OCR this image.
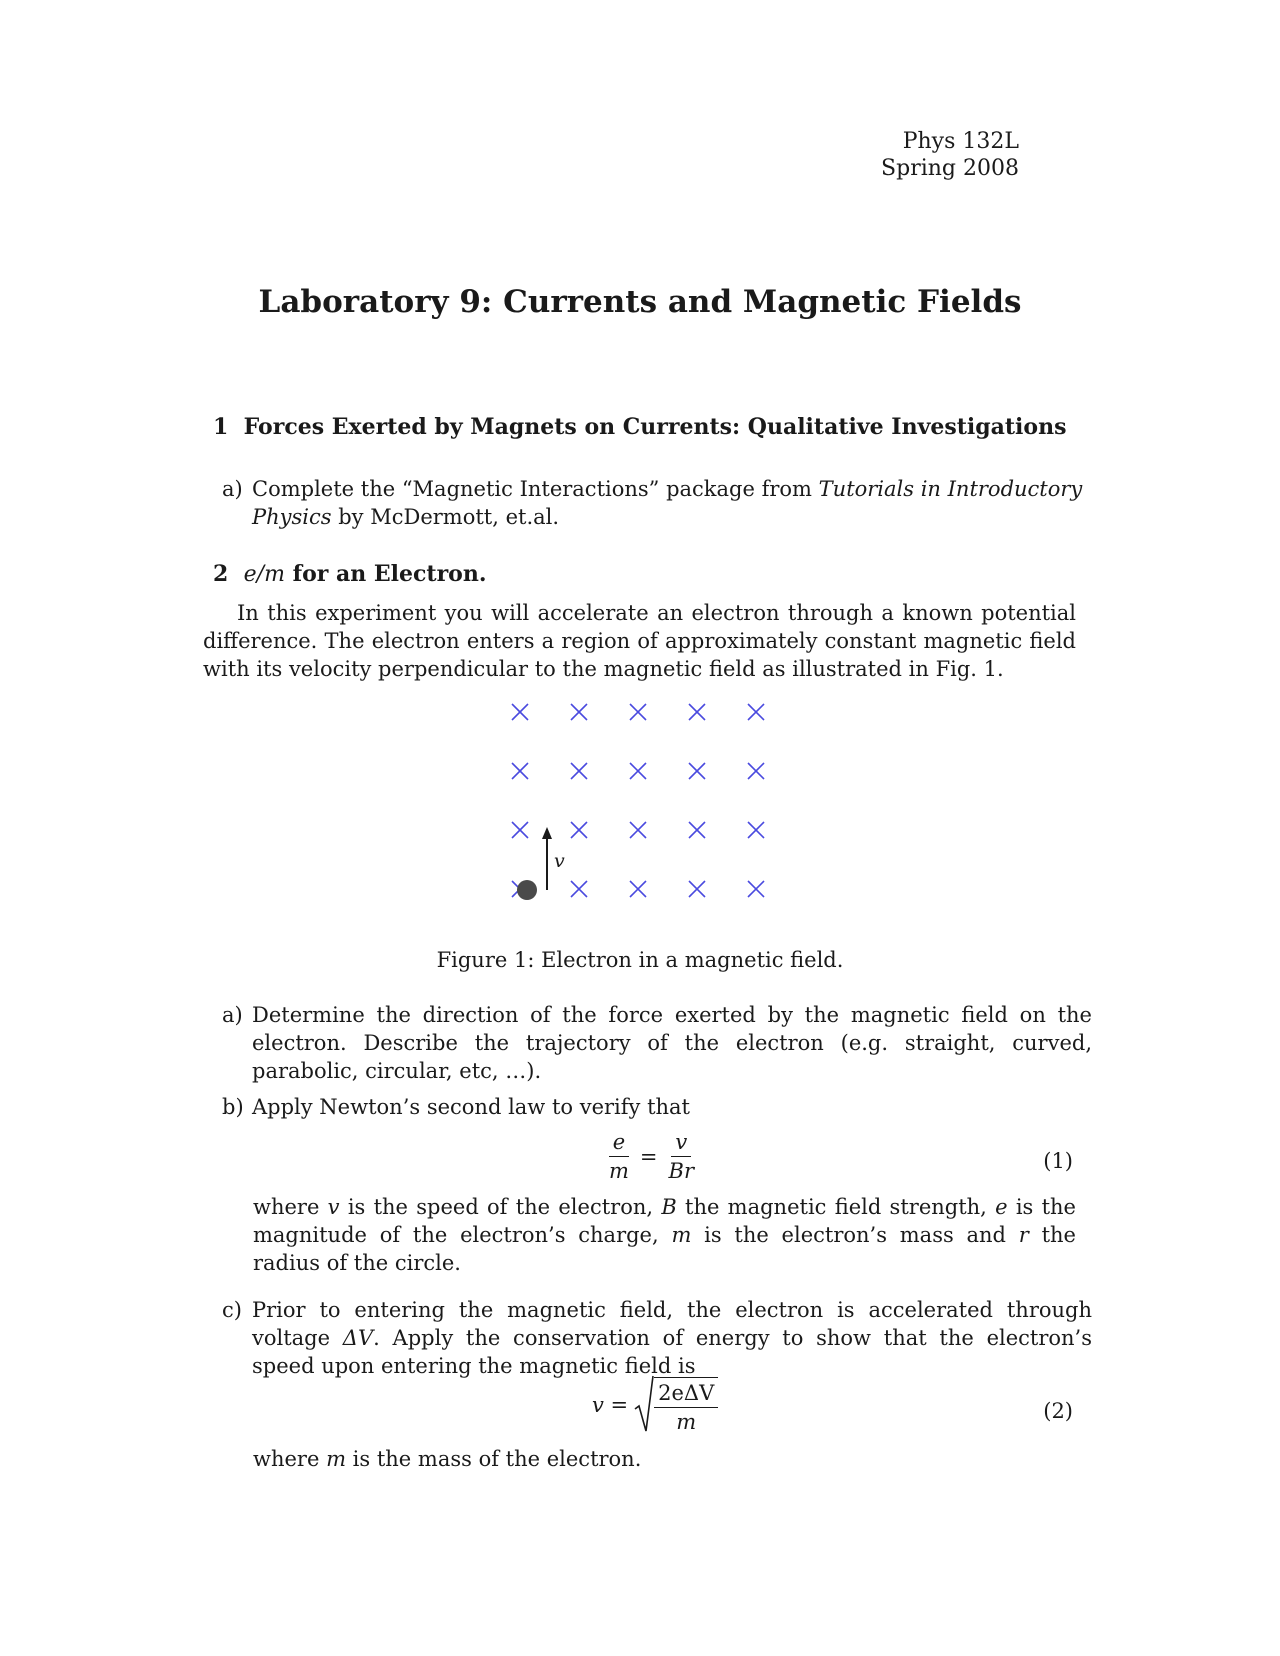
Phys 132L
Spring 2008
Laboratory 9: Currents and Magnetic Fields
1 Forces Exerted by Magnets on Currents: Qualitative Investigations
a) Complete the “Magnetic Interactions” package from Tutorials in Introductory Physics by McDermott, et.al.
2 e/m for an Electron.
In this experiment you will accelerate an electron through a known potential difference. The electron enters a region of approximately constant magnetic field with its velocity perpendicular to the magnetic field as illustrated in Fig. 1.
v
Figure 1: Electron in a magnetic field.
a) Determine the direction of the force exerted by the magnetic field on the electron. Describe the trajectory of the electron (e.g. straight, curved, parabolic, circular, etc, …).
b) Apply Newton’s second law to verify that
$\frac{e}{m} = \frac{v}{Br}$	(1)
where v is the speed of the electron, B the magnetic field strength, e is the magnitude of the electron’s charge, m is the electron’s mass and r the radius of the circle.
c) Prior to entering the magnetic field, the electron is accelerated through voltage ΔV. Apply the conservation of energy to show that the electron’s speed upon entering the magnetic field is
$v = \frac{\text{2eΔV}}{m}$	(2)
where m is the mass of the electron.
